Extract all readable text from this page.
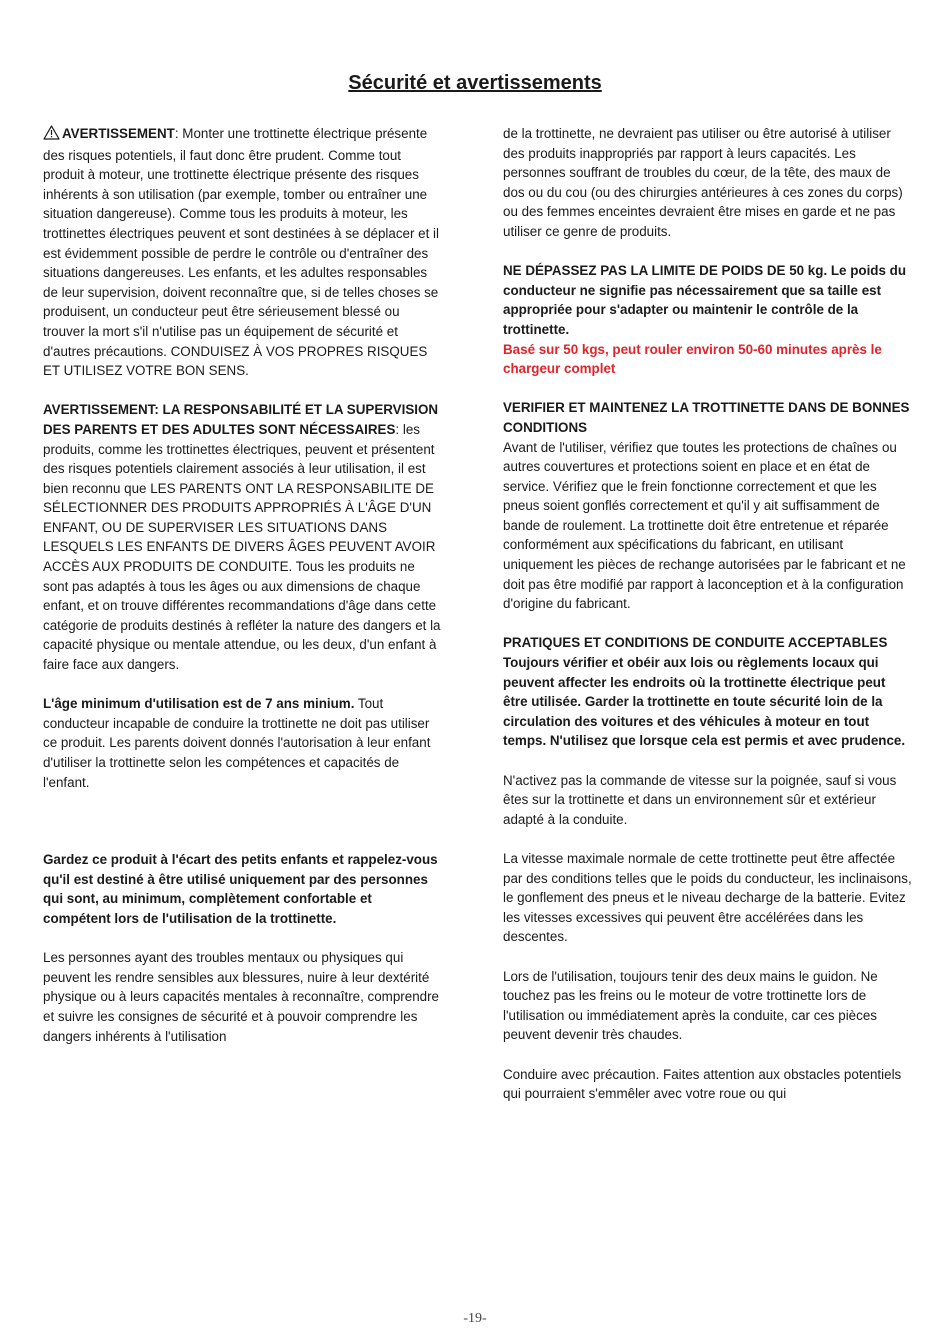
Sécurité et avertissements

AVERTISSEMENT: Monter une trottinette électrique présente des risques potentiels, il faut donc être prudent. Comme tout produit à moteur, une trottinette électrique présente des risques inhérents à son utilisation (par exemple, tomber ou entraîner une situation dangereuse). Comme tous les produits à moteur, les trottinettes électriques peuvent et sont destinées à se déplacer et il est évidemment possible de perdre le contrôle ou d'entraîner des situations dangereuses. Les enfants, et les adultes responsables de leur supervision, doivent reconnaître que, si de telles choses se produisent, un conducteur peut être sérieusement blessé ou trouver la mort s'il n'utilise pas un équipement de sécurité et d'autres précautions. CONDUISEZ À VOS PROPRES RISQUES ET UTILISEZ VOTRE BON SENS.

AVERTISSEMENT: LA RESPONSABILITÉ ET LA SUPERVISION DES PARENTS ET DES ADULTES SONT NÉCESSAIRES: les produits, comme les trottinettes électriques, peuvent et présentent des risques potentiels clairement associés à leur utilisation, il est bien reconnu que LES PARENTS ONT LA RESPONSABILITE DE SÉLECTIONNER DES PRODUITS APPROPRIÉS À L'ÂGE D'UN ENFANT, OU DE SUPERVISER LES SITUATIONS DANS LESQUELS LES ENFANTS DE DIVERS ÂGES PEUVENT AVOIR ACCÈS AUX PRODUITS DE CONDUITE. Tous les produits ne sont pas adaptés à tous les âges ou aux dimensions de chaque enfant, et on trouve différentes recommandations d'âge dans cette catégorie de produits destinés à refléter la nature des dangers et la capacité physique ou mentale attendue, ou les deux, d'un enfant à faire face aux dangers.

L'âge minimum d'utilisation est de 7 ans minium. Tout conducteur incapable de conduire la trottinette ne doit pas utiliser ce produit. Les parents doivent donnés l'autorisation à leur enfant d'utiliser la trottinette selon les compétences et capacités de l'enfant.

Gardez ce produit à l'écart des petits enfants et rappelez-vous qu'il est destiné à être utilisé uniquement par des personnes qui sont, au minimum, complètement confortable et compétent lors de l'utilisation de la trottinette.

Les personnes ayant des troubles mentaux ou physiques qui peuvent les rendre sensibles aux blessures, nuire à leur dextérité physique ou à leurs capacités mentales à reconnaître, comprendre et suivre les consignes de sécurité et à pouvoir comprendre les dangers inhérents à l'utilisation

de la trottinette, ne devraient pas utiliser ou être autorisé à utiliser des produits inappropriés par rapport à leurs capacités. Les personnes souffrant de troubles du cœur, de la tête, des maux de dos ou du cou (ou des chirurgies antérieures à ces zones du corps) ou des femmes enceintes devraient être mises en garde et ne pas utiliser ce genre de produits.

NE DÉPASSEZ PAS LA LIMITE DE POIDS DE 50 kg. Le poids du conducteur ne signifie pas nécessairement que sa taille est appropriée pour s'adapter ou maintenir le contrôle de la trottinette.
Basé sur 50 kgs, peut rouler environ 50-60 minutes après le chargeur complet

VERIFIER ET MAINTENEZ LA TROTTINETTE DANS DE BONNES CONDITIONS
Avant de l'utiliser, vérifiez que toutes les protections de chaînes ou autres couvertures et protections soient en place et en état de service. Vérifiez que le frein fonctionne correctement et que les pneus soient gonflés correctement et qu'il y ait suffisamment de bande de roulement. La trottinette doit être entretenue et réparée conformément aux spécifications du fabricant, en utilisant uniquement les pièces de rechange autorisées par le fabricant et ne doit pas être modifié par rapport à laconception et à la configuration d'origine du fabricant.

PRATIQUES ET CONDITIONS DE CONDUITE ACCEPTABLES
Toujours vérifier et obéir aux lois ou règlements locaux qui peuvent affecter les endroits où la trottinette électrique peut être utilisée. Garder la trottinette en toute sécurité loin de la circulation des voitures et des véhicules à moteur en tout temps. N'utilisez que lorsque cela est permis et avec prudence.

N'activez pas la commande de vitesse sur la poignée, sauf si vous êtes sur la trottinette et dans un environnement sûr et extérieur adapté à la conduite.

La vitesse maximale normale de cette trottinette peut être affectée par des conditions telles que le poids du conducteur, les inclinaisons, le gonflement des pneus et le niveau decharge de la batterie. Evitez les vitesses excessives qui peuvent être accélérées dans les descentes.

Lors de l'utilisation, toujours tenir des deux mains le guidon. Ne touchez pas les freins ou le moteur de votre trottinette lors de l'utilisation ou immédiatement après la conduite, car ces pièces peuvent devenir très chaudes.

Conduire avec précaution. Faites attention aux obstacles potentiels qui pourraient s'emmêler avec votre roue ou qui

-19-
